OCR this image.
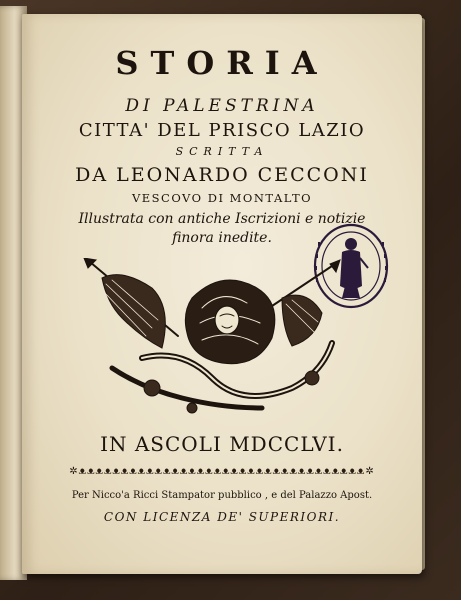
STORIA
DI PALESTRINA
CITTA' DEL PRISCO LAZIO
SCRITTA
DA LEONARDO CECCONI
VESCOVO DI MONTALTO
Illustrata con antiche Iscrizioni e notizie
finora inedite.
IN ASCOLI MDCCLVI.
✲ᴥᴥᴥᴥᴥᴥᴥᴥᴥᴥᴥᴥᴥᴥᴥᴥᴥᴥᴥᴥᴥᴥᴥᴥᴥᴥᴥᴥᴥᴥᴥᴥᴥᴥ✲
Per Nicco'a Ricci Stampator pubblico , e del Palazzo Apost.
CON LICENZA DE' SUPERIORI.
